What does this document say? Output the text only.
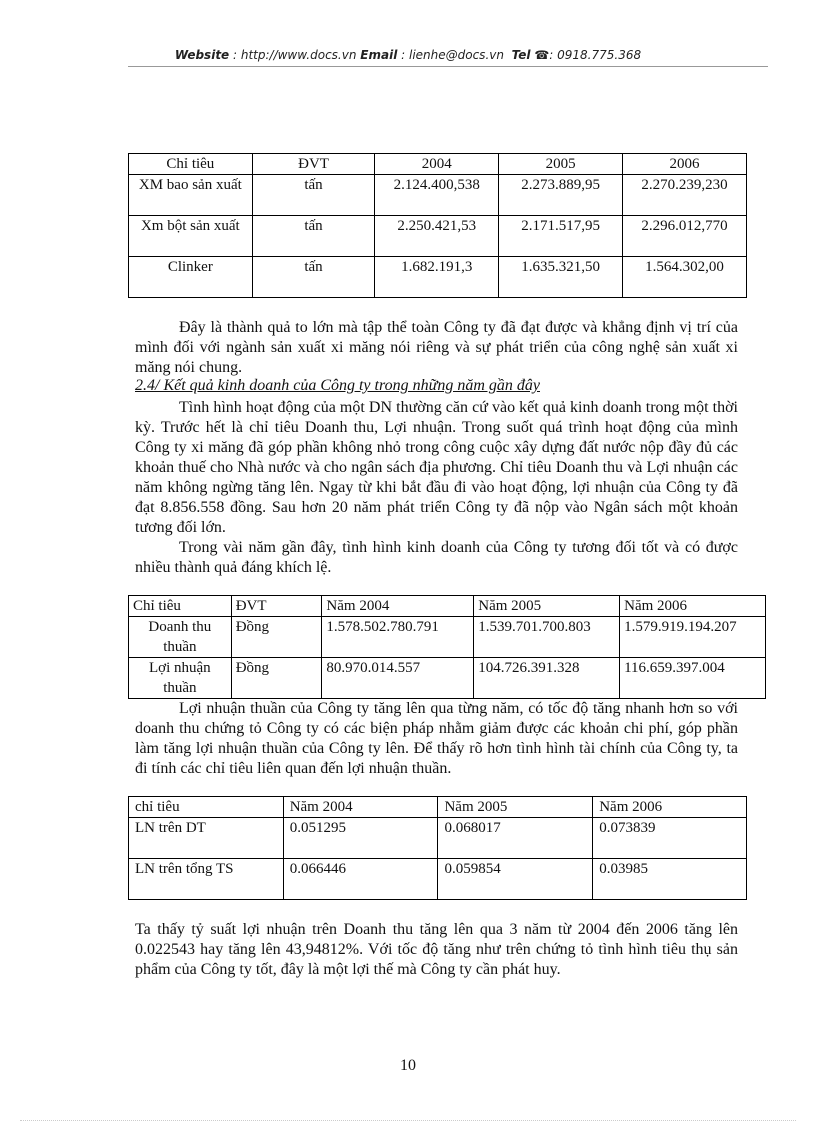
Website : http://www.docs.vn Email : lienhe@docs.vn Tel ☎: 0918.775.368
Chỉ tiêu	ĐVT	2004	2005	2006
XM bao sản xuất	tấn	2.124.400,538	2.273.889,95	2.270.239,230
Xm bột sản xuất	tấn	2.250.421,53	2.171.517,95	2.296.012,770
Clinker	tấn	1.682.191,3	1.635.321,50	1.564.302,00
Đây là thành quả to lớn mà tập thể toàn Công ty đã đạt được và khẳng định vị trí của mình đối với ngành sản xuất xi măng nói riêng và sự phát triển của công nghệ sản xuất xi măng nói chung.
2.4/ Kết quả kinh doanh của Công ty trong những năm gần đây
Tình hình hoạt động của một DN thường căn cứ vào kết quả kinh doanh trong một thời kỳ. Trước hết là chỉ tiêu Doanh thu, Lợi nhuận. Trong suốt quá trình hoạt động của mình Công ty xi măng đã góp phần không nhỏ trong công cuộc xây dựng đất nước nộp đầy đủ các khoản thuế cho Nhà nước và cho ngân sách địa phương. Chỉ tiêu Doanh thu và Lợi nhuận các năm không ngừng tăng lên. Ngay từ khi bắt đầu đi vào hoạt động, lợi nhuận của Công ty đã đạt 8.856.558 đồng. Sau hơn 20 năm phát triển Công ty đã nộp vào Ngân sách một khoản tương đối lớn.
Trong vài năm gần đây, tình hình kinh doanh của Công ty tương đối tốt và có được nhiều thành quả đáng khích lệ.
Chỉ tiêu	ĐVT	Năm 2004	Năm 2005	Năm 2006
Doanh thu thuần	Đồng	1.578.502.780.791	1.539.701.700.803	1.579.919.194.207
Lợi nhuận thuần	Đồng	80.970.014.557	104.726.391.328	116.659.397.004
Lợi nhuận thuần của Công ty tăng lên qua từng năm, có tốc độ tăng nhanh hơn so với doanh thu chứng tỏ Công ty có các biện pháp nhằm giảm được các khoản chi phí, góp phần làm tăng lợi nhuận thuần của Công ty lên. Để thấy rõ hơn tình hình tài chính của Công ty, ta đi tính các chỉ tiêu liên quan đến lợi nhuận thuần.
chỉ tiêu	Năm 2004	Năm 2005	Năm 2006
LN trên DT	0.051295	0.068017	0.073839
LN trên tổng TS	0.066446	0.059854	0.03985
Ta thấy tỷ suất lợi nhuận trên Doanh thu tăng lên qua 3 năm từ 2004 đến 2006 tăng lên 0.022543 hay tăng lên 43,94812%. Với tốc độ tăng như trên chứng tỏ tình hình tiêu thụ sản phẩm của Công ty tốt, đây là một lợi thế mà Công ty cần phát huy.
10
